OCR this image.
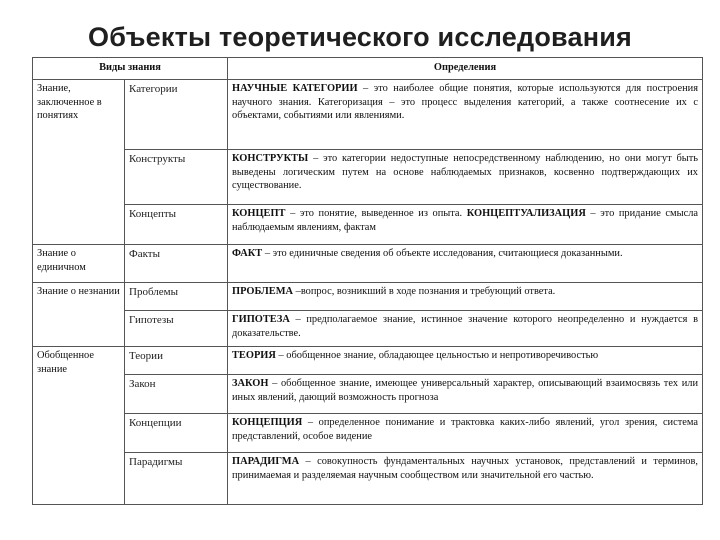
Объекты теоретического исследования
Виды знания		Определения

Знание, заключенное в понятиях	Категории	НАУЧНЫЕ КАТЕГОРИИ – это наиболее общие понятия, которые используются для построения научного знания. Категоризация – это процесс выделения категорий, а также соотнесение их с объектами, событиями или явлениями.
	Конструкты	КОНСТРУКТЫ – это категории недоступные непосредственному наблюдению, но они могут быть выведены логическим путем на основе наблюдаемых признаков, косвенно подтверждающих их существование.
	Концепты	КОНЦЕПТ – это понятие, выведенное из опыта. КОНЦЕПТУАЛИЗАЦИЯ – это придание смысла наблюдаемым явлениям, фактам

Знание о единичном	Факты	ФАКТ – это единичные сведения об объекте исследования, считающиеся доказанными.

Знание о незнании	Проблемы	ПРОБЛЕМА –вопрос, возникший в ходе познания и требующий ответа.
	Гипотезы	ГИПОТЕЗА – предполагаемое знание, истинное значение которого неопределенно и нуждается в доказательстве.

Обобщенное знание	Теории	ТЕОРИЯ – обобщенное знание, обладающее цельностью и непротиворечивостью
	Закон	ЗАКОН – обобщенное знание, имеющее универсальный характер, описывающий взаимосвязь тех или иных явлений, дающий возможность прогноза
	Концепции	КОНЦЕПЦИЯ – определенное понимание и трактовка каких-либо явлений, угол зрения, система представлений, особое видение
	Парадигмы	ПАРАДИГМА – совокупность фундаментальных научных установок, представлений и терминов, принимаемая и разделяемая научным сообществом или значительной его частью.
